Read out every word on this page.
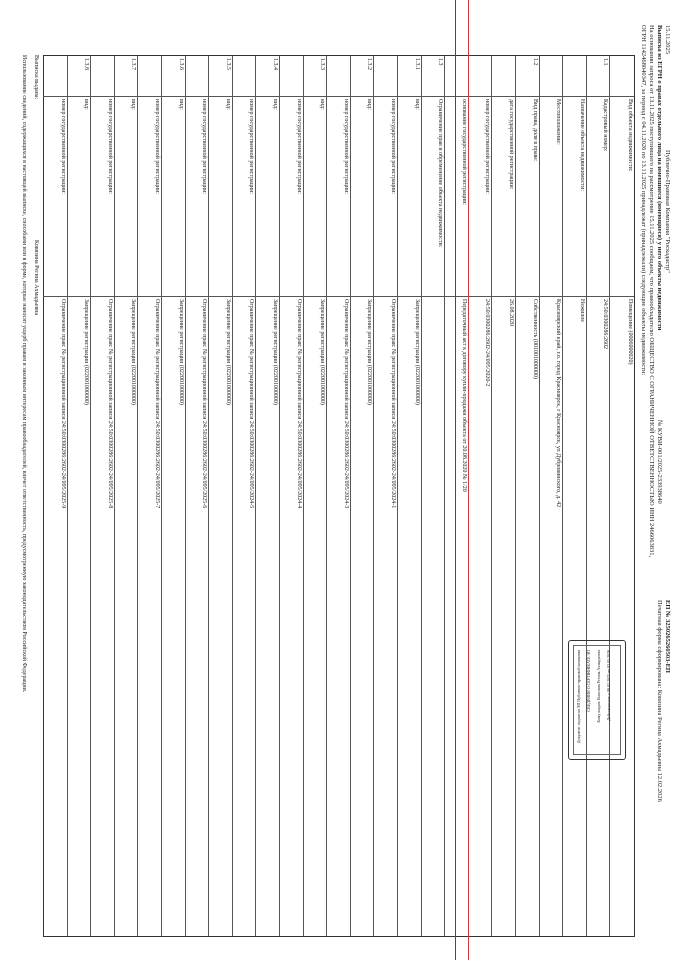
15.11.2025
Публично-Правовая Компания "Роскадастр"
Выписка из ЕГРН о правах отдельного лица на имевшиеся (имеющиеся) у него объекты недвижимости
№ КУВИ-001/2025-233938640
На основании запроса от 13.11.2025 поступившего на рассмотрение 15.11.2025 сообщаем, что правообладателю ОБЩЕСТВО С ОГРАНИЧЕННОЙ ОТВЕТСТВЕННОСТЬЮ ИНН 2466063831, ОГРН 1142468040347, за период с 04.11.2026 по 13.11.2025 принадлежат (принадлежали) следующие объекты недвижимости:
ЕП № 3250265260503-ЕП
Печатная форма сформирована: Ковязина Регина Ахмадьевна 12.02.2026
Вид объекта недвижимости:
Помещение (0006000020)
1.1
Кадастровый номер:
24:50:0300286:2602
Назначение объекта недвижимости:
Нежилое
Местоположение:
Красноярский край, г.о. город Красноярск, г Красноярск, ул Дубровинского, д. 42
1.2
Вид права, доля в праве:
Собственность (001001000000)
дата государственной регистрации:
26.08.2020
номер государственной регистрации:
24:50:0300286:2602-24/095/2020-2
основание государственной регистрации:
Передаточный акт к договору купли-продажи объекта от 20.08.2020 № 1/20
1.3
Ограничение прав и обременение объекта недвижимости:
1.3.1
вид:
Запрещение регистрации (022001000000)
номер государственной регистрации:
Ограничение прав: № регистрационной записи 24:50:0300286:2602-24/095/2024-1
1.3.2
вид:
Запрещение регистрации (022001000000)
номер государственной регистрации:
Ограничение прав: № регистрационной записи 24:50:0300286:2602-24/095/2024-3
1.3.3
вид:
Запрещение регистрации (022001000000)
номер государственной регистрации:
Ограничение прав: № регистрационной записи 24:50:0300286:2602-24/095/2024-4
1.3.4
вид:
Запрещение регистрации (022001000000)
номер государственной регистрации:
Ограничение прав: № регистрационной записи 24:50:0300286:2602-24/095/2024-5
1.3.5
вид:
Запрещение регистрации (022001000000)
номер государственной регистрации:
Ограничение прав: № регистрационной записи 24:50:0300286:2602-24/095/2025-6
1.3.6
вид:
Запрещение регистрации (022001000000)
номер государственной регистрации:
Ограничение прав: № регистрационной записи 24:50:0300286:2602-24/095/2025-7
1.3.7
вид:
Запрещение регистрации (022001000000)
номер государственной регистрации:
Ограничение прав: № регистрационной записи 24:50:0300286:2602-24/095/2025-8
1.3.8
вид:
Запрещение регистрации (022001000000)
номер государственной регистрации:
Ограничение прав: № регистрационной записи 24:50:0300286:2602-24/095/2025-9
Выписка выдана:
Ковязина Регина Ахмадьевна
Использование сведений, содержащихся в настоящей выписке, способами или в форме, которые наносят ущерб правам и законным интересам правообладателей, влечет ответственность, предусмотренную законодательством Российской Федерации.
Документ подписан ЭП Публично-правовой компании СВЕДЕНИЯ О СЕРТИФИКАТЕ ЭП Кому выдан: Ковязина Регина Ахмадьевна Действителен: с 06.02.2025 по 02.05.2026
